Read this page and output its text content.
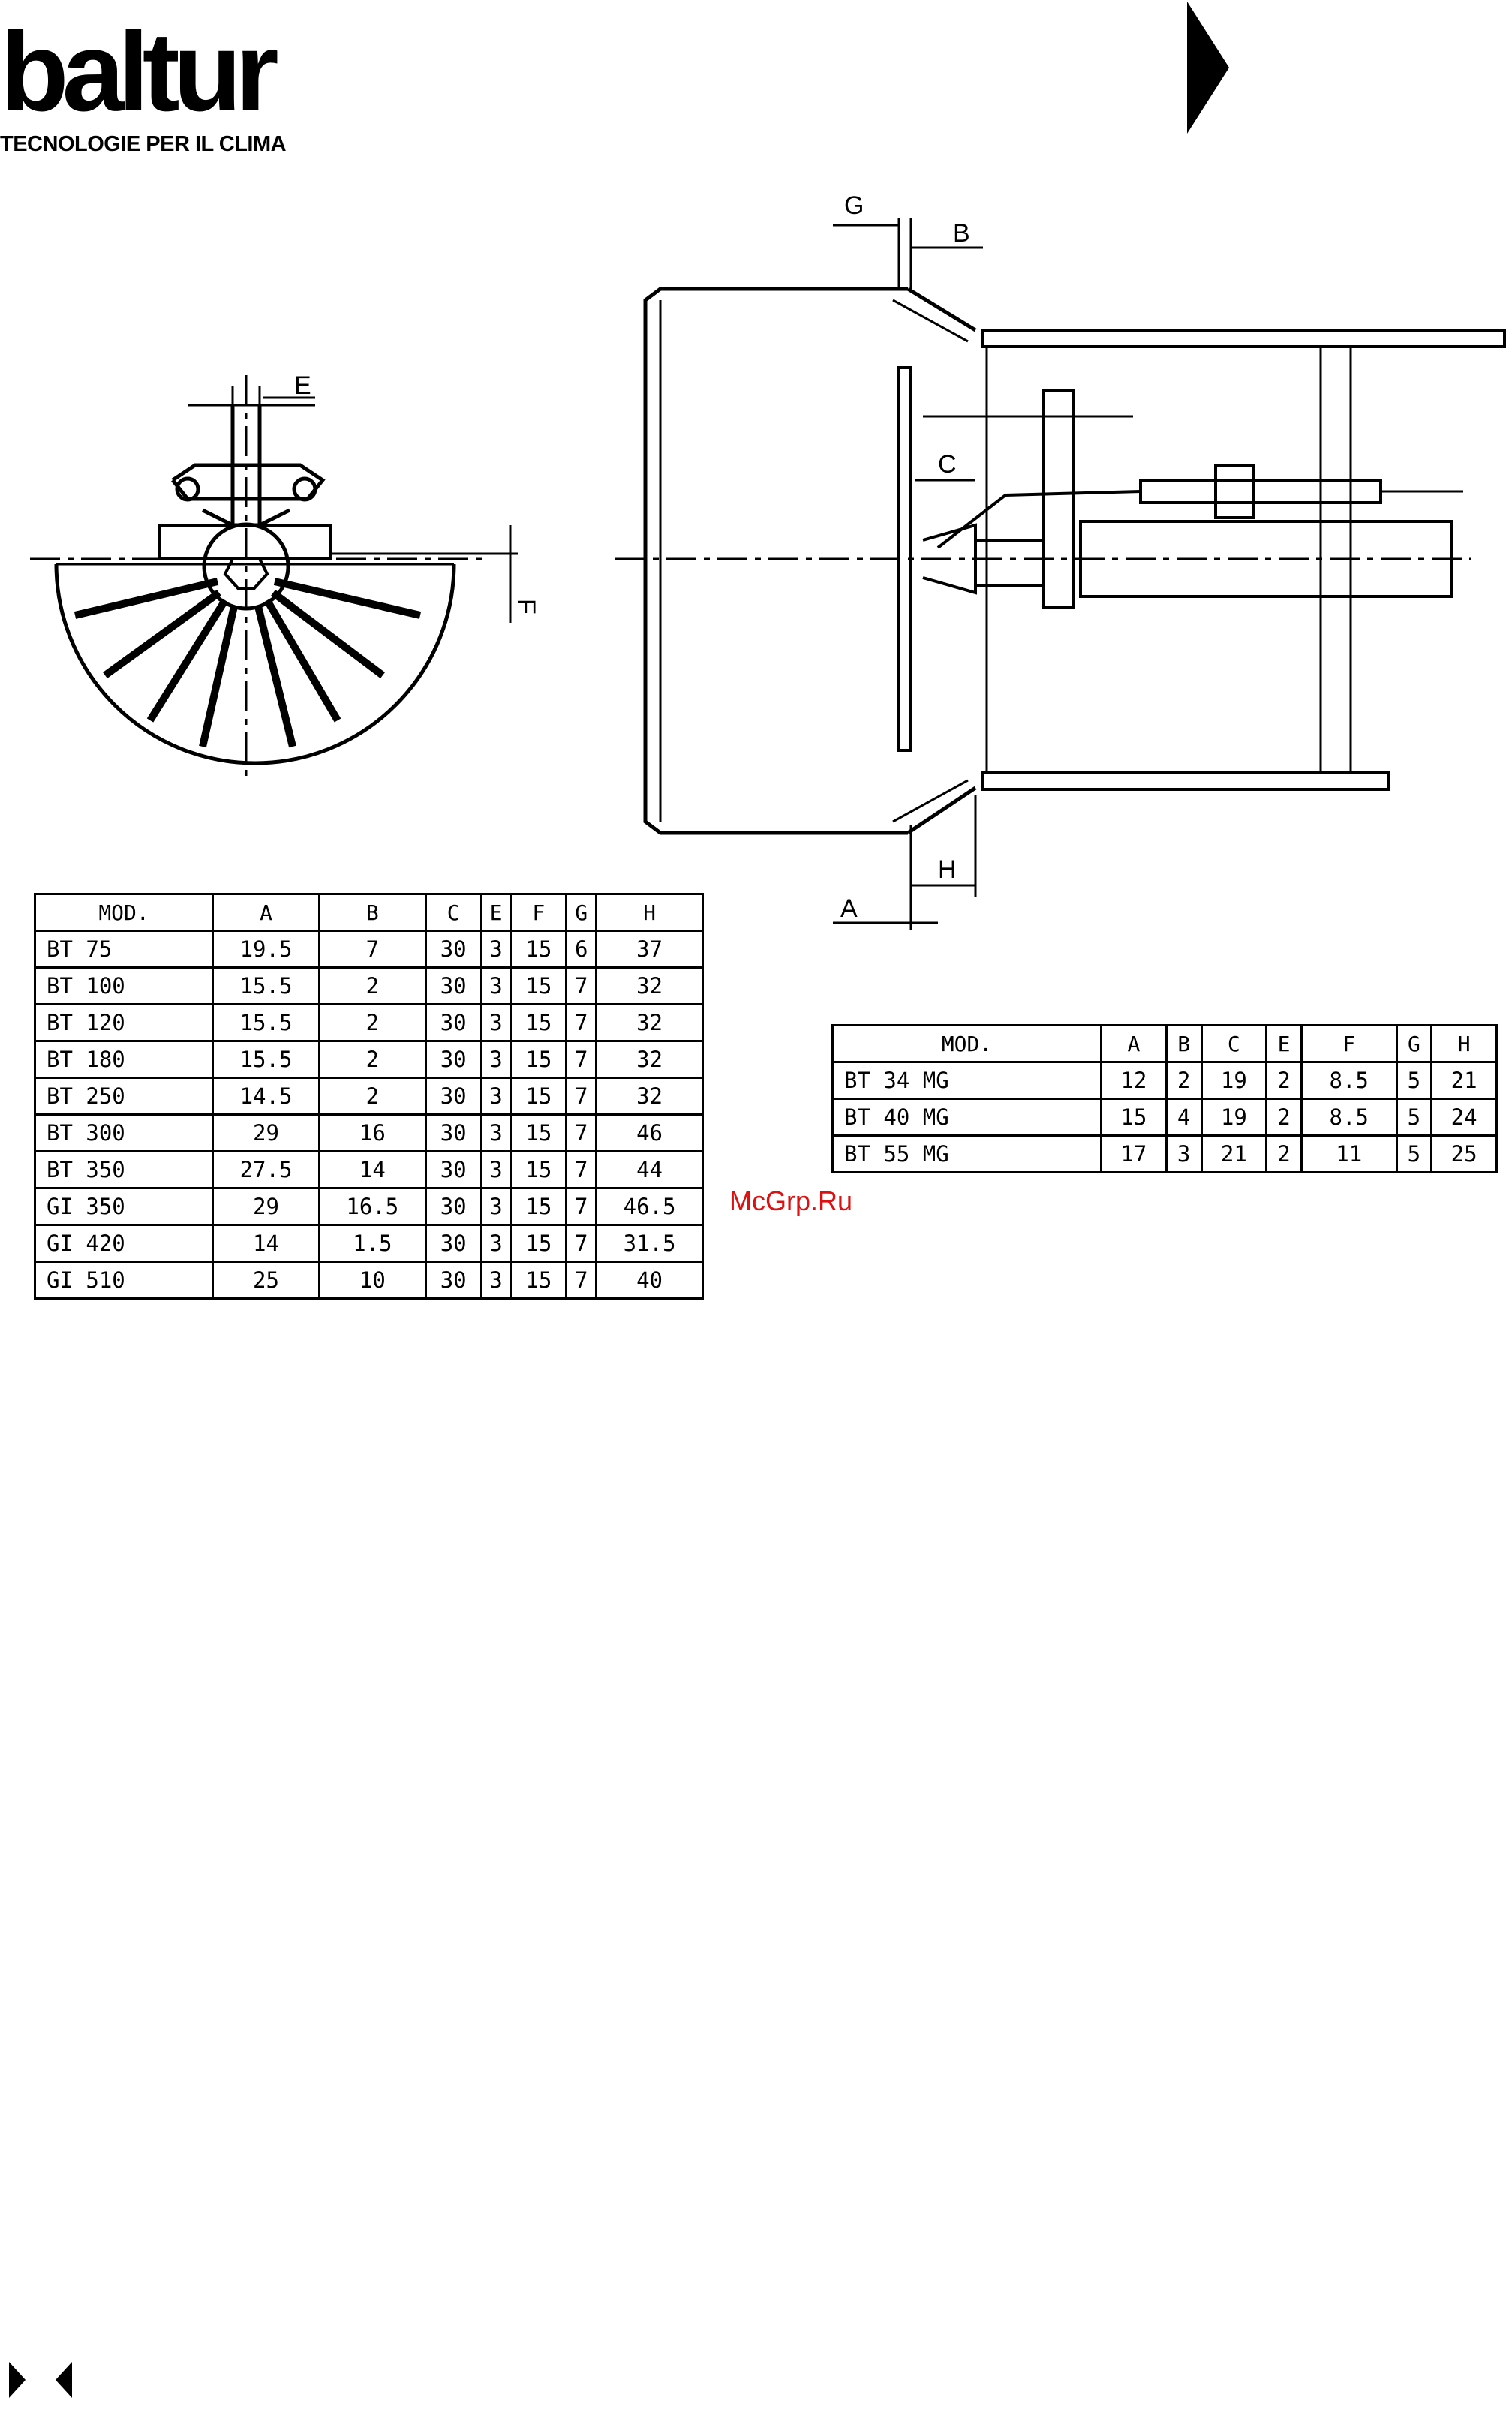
baltur
TECNOLOGIE PER IL CLIMA
E
F
G
B
C
H
A
MOD.	A	B	C	E	F	G	H
BT 75	19.5	7	30	3	15	6	37
BT 100	15.5	2	30	3	15	7	32
BT 120	15.5	2	30	3	15	7	32
BT 180	15.5	2	30	3	15	7	32
BT 250	14.5	2	30	3	15	7	32
BT 300	29	16	30	3	15	7	46
BT 350	27.5	14	30	3	15	7	44
GI 350	29	16.5	30	3	15	7	46.5
GI 420	14	1.5	30	3	15	7	31.5
GI 510	25	10	30	3	15	7	40
MOD.	A	B	C	E	F	G	H
BT 34 MG	12	2	19	2	8.5	5	21
BT 40 MG	15	4	19	2	8.5	5	24
BT 55 MG	17	3	21	2	11	5	25
McGrp.Ru
